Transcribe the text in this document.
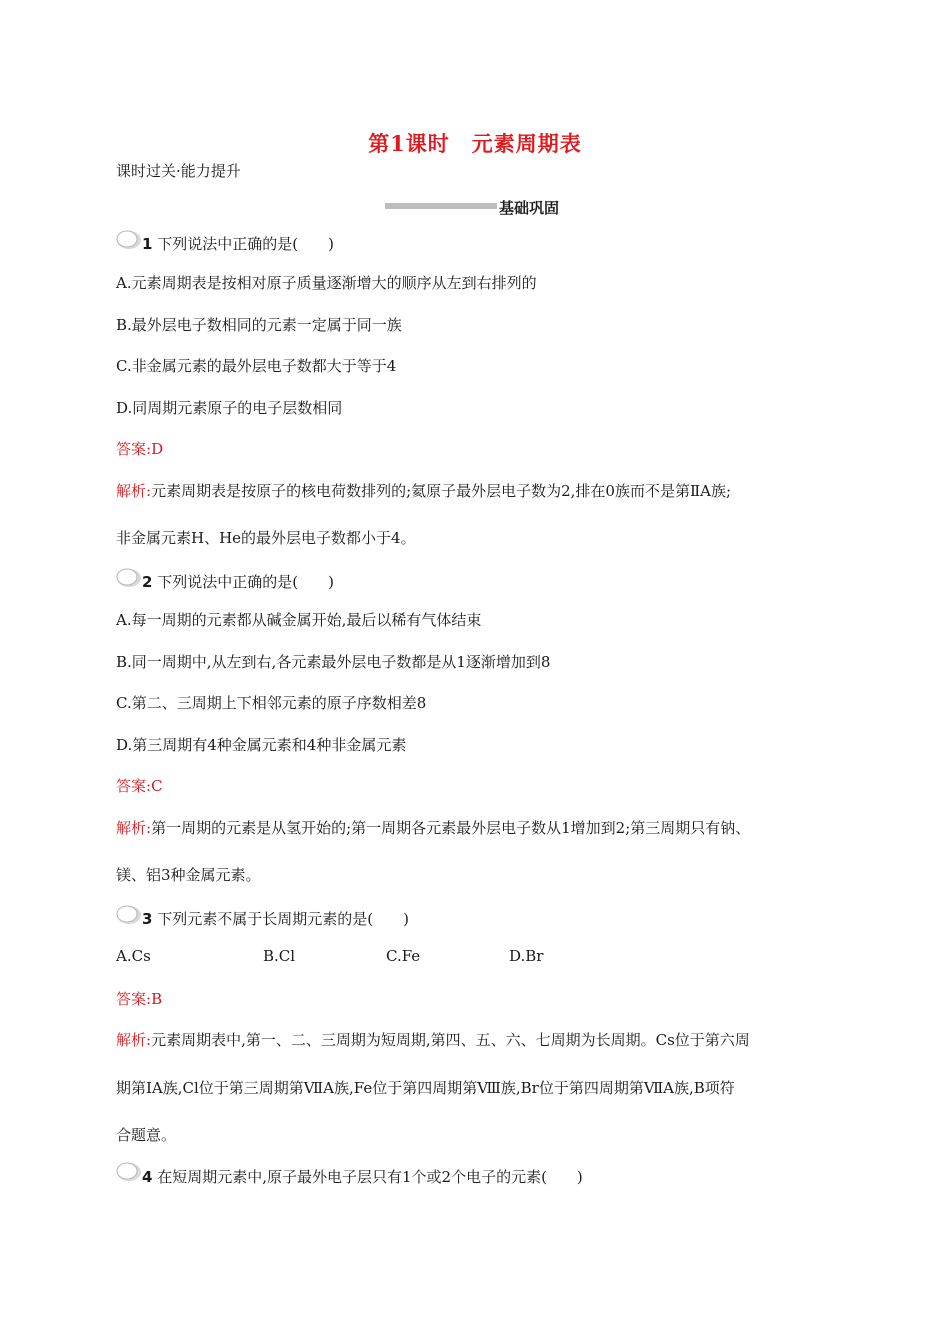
第1课时　元素周期表
课时过关·能力提升
基础巩固
1 下列说法中正确的是(　　)
A.元素周期表是按相对原子质量逐渐增大的顺序从左到右排列的
B.最外层电子数相同的元素一定属于同一族
C.非金属元素的最外层电子数都大于等于4
D.同周期元素原子的电子层数相同
答案:D
解析:元素周期表是按原子的核电荷数排列的;氦原子最外层电子数为2,排在0族而不是第ⅡA族;
非金属元素H、He的最外层电子数都小于4。
2 下列说法中正确的是(　　)
A.每一周期的元素都从碱金属开始,最后以稀有气体结束
B.同一周期中,从左到右,各元素最外层电子数都是从1逐渐增加到8
C.第二、三周期上下相邻元素的原子序数相差8
D.第三周期有4种金属元素和4种非金属元素
答案:C
解析:第一周期的元素是从氢开始的;第一周期各元素最外层电子数从1增加到2;第三周期只有钠、
镁、铝3种金属元素。
3 下列元素不属于长周期元素的是(　　)
A.Cs	B.Cl	C.Fe	D.Br
答案:B
解析:元素周期表中,第一、二、三周期为短周期,第四、五、六、七周期为长周期。Cs位于第六周
期第ⅠA族,Cl位于第三周期第ⅦA族,Fe位于第四周期第Ⅷ族,Br位于第四周期第ⅦA族,B项符
合题意。
4 在短周期元素中,原子最外电子层只有1个或2个电子的元素(　　)
